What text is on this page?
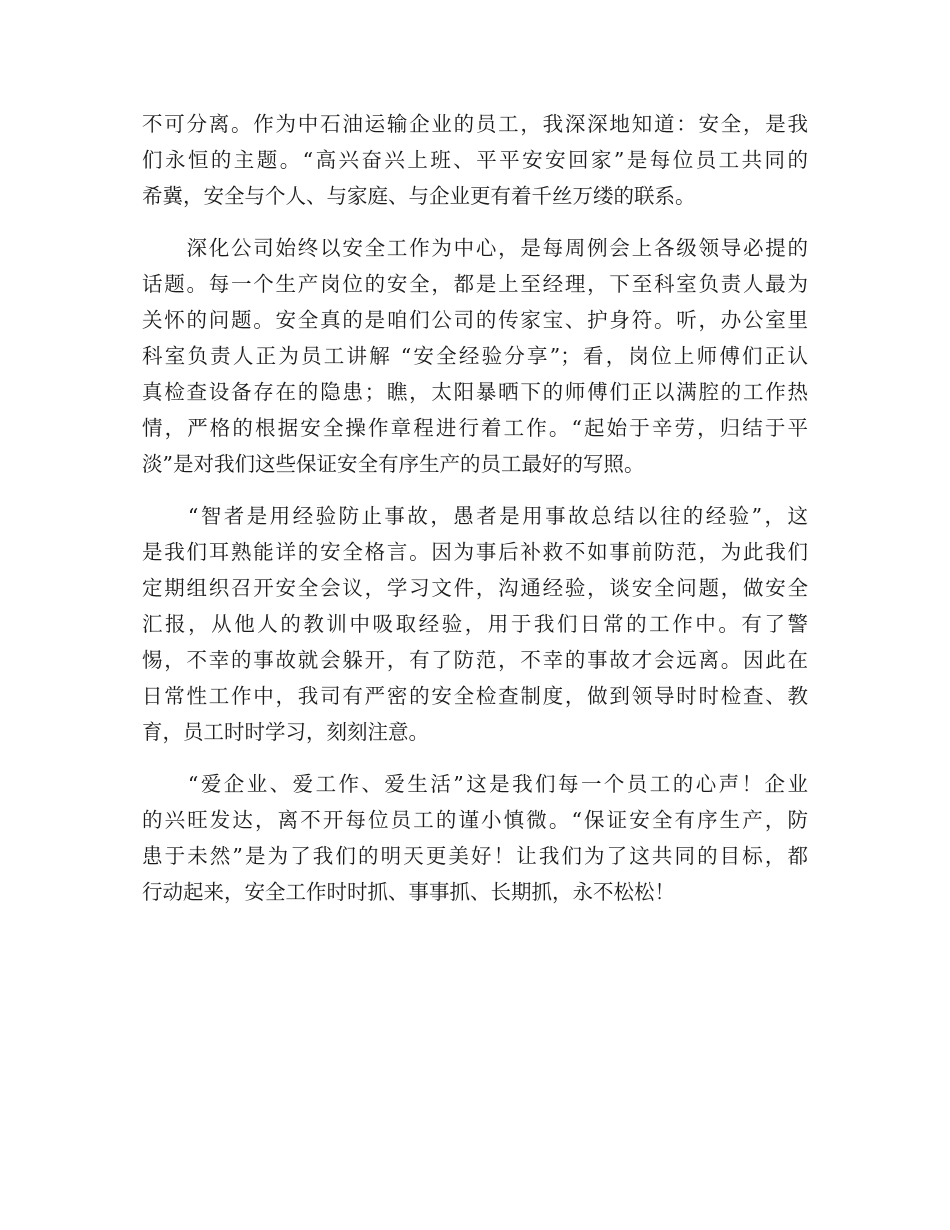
不可分离。作为中石油运输企业的员工，我深深地知道：安全，是我
们永恒的主题。“高兴奋兴上班、平平安安回家”是每位员工共同的
希冀，安全与个人、与家庭、与企业更有着千丝万缕的联系。
　　深化公司始终以安全工作为中心，是每周例会上各级领导必提的
话题。每一个生产岗位的安全，都是上至经理，下至科室负责人最为
关怀的问题。安全真的是咱们公司的传家宝、护身符。听，办公室里
科室负责人正为员工讲解 “安全经验分享”；看，岗位上师傅们正认
真检查设备存在的隐患；瞧，太阳暴晒下的师傅们正以满腔的工作热
情，严格的根据安全操作章程进行着工作。“起始于辛劳，归结于平
淡”是对我们这些保证安全有序生产的员工最好的写照。
　　“智者是用经验防止事故，愚者是用事故总结以往的经验”，这
是我们耳熟能详的安全格言。因为事后补救不如事前防范，为此我们
定期组织召开安全会议，学习文件，沟通经验，谈安全问题，做安全
汇报，从他人的教训中吸取经验，用于我们日常的工作中。有了警
惕，不幸的事故就会躲开，有了防范，不幸的事故才会远离。因此在
日常性工作中，我司有严密的安全检查制度，做到领导时时检查、教
育，员工时时学习，刻刻注意。
　　“爱企业、爱工作、爱生活”这是我们每一个员工的心声！企业
的兴旺发达，离不开每位员工的谨小慎微。“保证安全有序生产，防
患于未然”是为了我们的明天更美好！让我们为了这共同的目标，都
行动起来，安全工作时时抓、事事抓、长期抓，永不松松！
